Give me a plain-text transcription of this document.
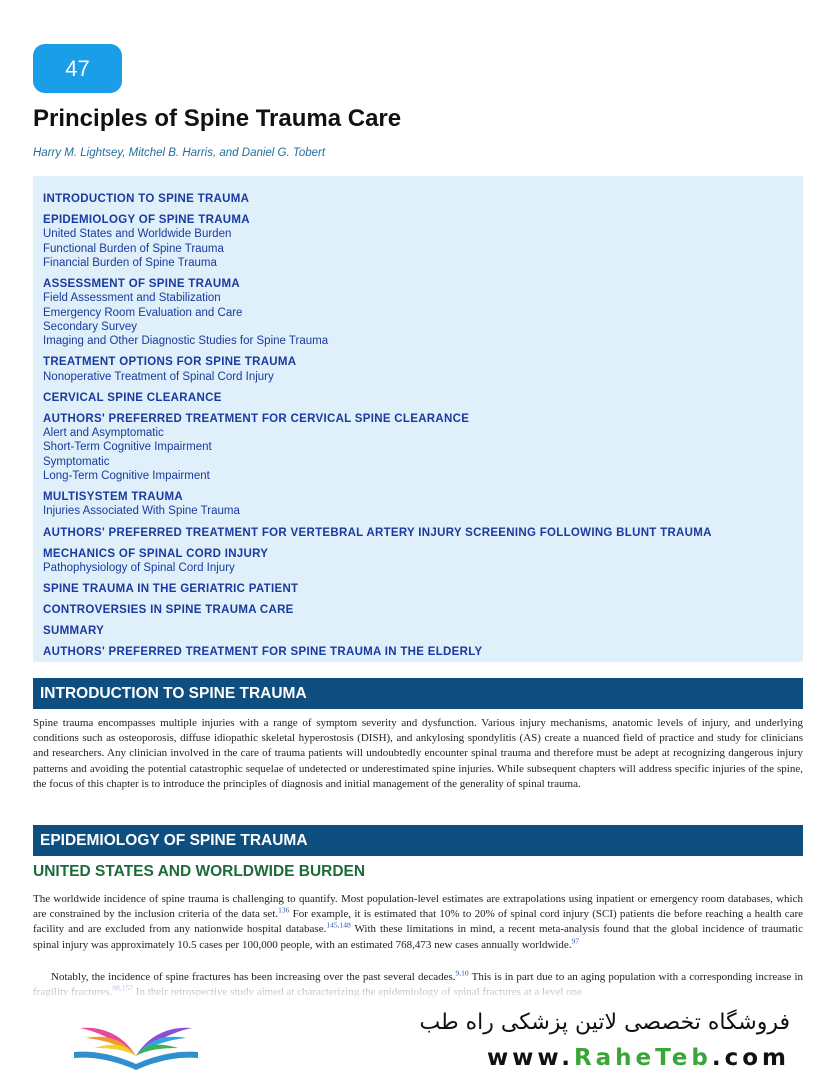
47
Principles of Spine Trauma Care
Harry M. Lightsey, Mitchel B. Harris, and Daniel G. Tobert
INTRODUCTION TO SPINE TRAUMA
EPIDEMIOLOGY OF SPINE TRAUMA
United States and Worldwide Burden
Functional Burden of Spine Trauma
Financial Burden of Spine Trauma
ASSESSMENT OF SPINE TRAUMA
Field Assessment and Stabilization
Emergency Room Evaluation and Care
Secondary Survey
Imaging and Other Diagnostic Studies for Spine Trauma
TREATMENT OPTIONS FOR SPINE TRAUMA
Nonoperative Treatment of Spinal Cord Injury
CERVICAL SPINE CLEARANCE
AUTHORS' PREFERRED TREATMENT FOR CERVICAL SPINE CLEARANCE
Alert and Asymptomatic
Short-Term Cognitive Impairment
Symptomatic
Long-Term Cognitive Impairment
MULTISYSTEM TRAUMA
Injuries Associated With Spine Trauma
AUTHORS' PREFERRED TREATMENT FOR VERTEBRAL ARTERY INJURY SCREENING FOLLOWING BLUNT TRAUMA
MECHANICS OF SPINAL CORD INJURY
Pathophysiology of Spinal Cord Injury
SPINE TRAUMA IN THE GERIATRIC PATIENT
CONTROVERSIES IN SPINE TRAUMA CARE
SUMMARY
AUTHORS' PREFERRED TREATMENT FOR SPINE TRAUMA IN THE ELDERLY
INTRODUCTION TO SPINE TRAUMA

Spine trauma encompasses multiple injuries with a range of symptom severity and dysfunction. Various injury mechanisms, anatomic levels of injury, and underlying conditions such as osteoporosis, diffuse idiopathic skeletal hyperostosis (DISH), and ankylosing spondylitis (AS) create a nuanced field of practice and study for clinicians and researchers. Any clinician involved in the care of trauma patients will undoubtedly encounter spinal trauma and therefore must be adept at recognizing dangerous injury patterns and avoiding the potential catastrophic sequelae of undetected or underestimated spine injuries. While subsequent chapters will address specific injuries of the spine, the focus of this chapter is to introduce the principles of diagnosis and initial management of the generality of spinal trauma.

EPIDEMIOLOGY OF SPINE TRAUMA
UNITED STATES AND WORLDWIDE BURDEN

The worldwide incidence of spine trauma is challenging to quantify. Most population-level estimates are extrapolations using inpatient or emergency room databases, which are constrained by the inclusion criteria of the data set.$^{136}$ For example, it is estimated that 10% to 20% of spinal cord injury (SCI) patients die before reaching a health care facility and are excluded from any nationwide hospital database.$^{145,148}$ With these limitations in mind, a recent meta-analysis found that the global incidence of traumatic spinal injury was approximately 10.5 cases per 100,000 people, with an estimated 768,473 new cases annually worldwide.$^{97}$

Notably, the incidence of spine fractures has been increasing over the past several decades.$^{9,10}$ This is in part due to an aging population with a corresponding increase in

فروشگاه تخصصی لاتین پزشکی راه طب
www.RaheTeb.com
